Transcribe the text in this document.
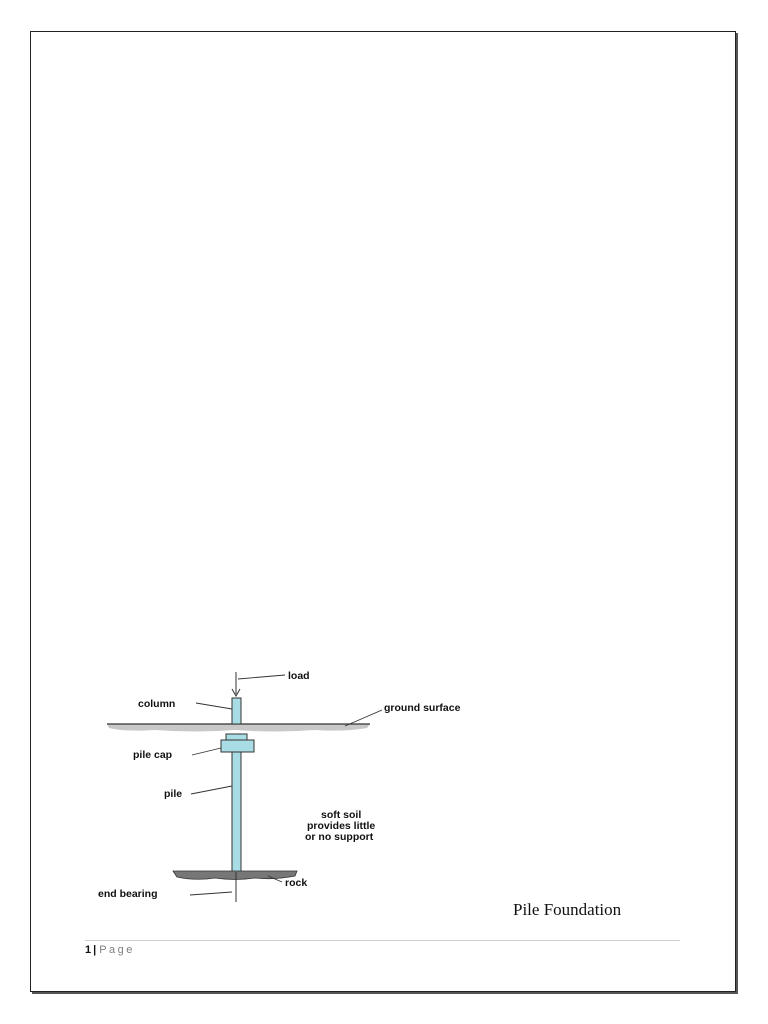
load
column	ground surface
pile cap
pile
soft soil
provides little
or no support
rock
end bearing
Pile Foundation
1 | Page
